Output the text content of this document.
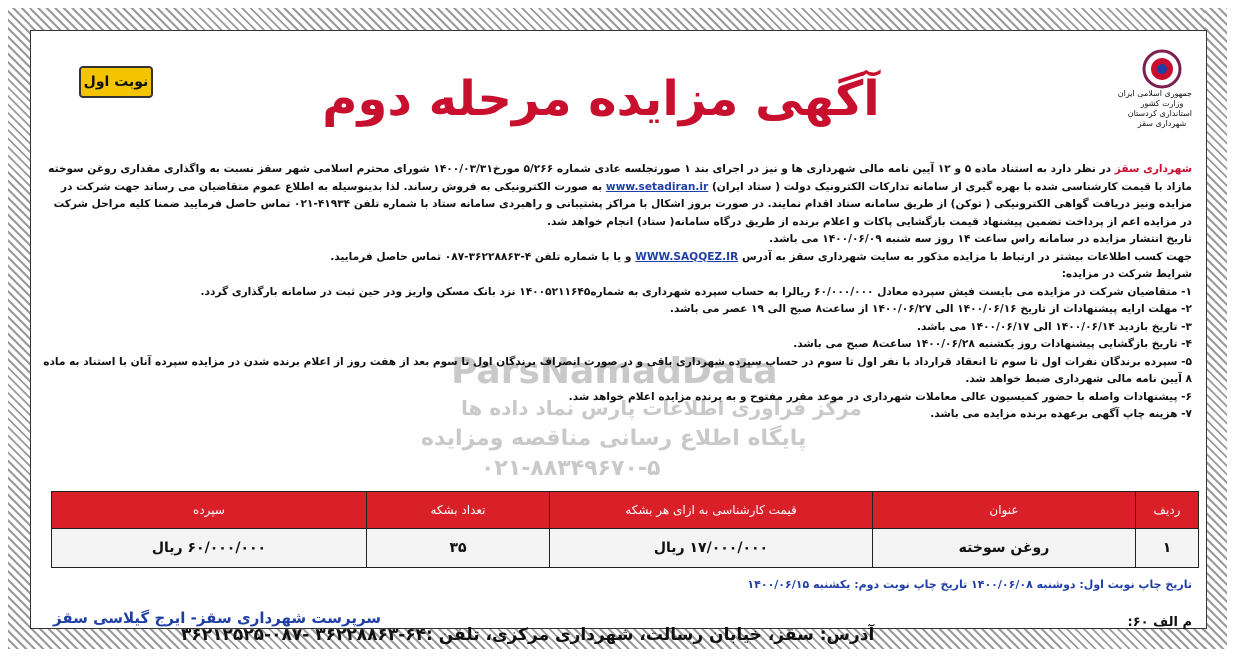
جمهوری اسلامی ایران
وزارت کشور
استانداری کردستان
شهرداری سقز
آگهی مزایده مرحله دوم
نوبت اول
ParsNamadData
مرکز فراوری اطلاعات پارس نماد داده ها
پایگاه اطلاع رسانی مناقصه ومزایده
۰۲۱-۸۸۳۴۹۶۷۰-۵

شهرداری سقز در نظر دارد به استناد ماده ۵ و ۱۲ آیین نامه مالی شهرداری ها و نیز در اجرای بند ۱ صورتجلسه عادی شماره ۵/۲۶۶ مورخ۱۴۰۰/۰۳/۳۱ شورای محترم اسلامی شهر سقز نسبت به واگذاری مقداری روغن سوخته مازاد با قیمت کارشناسی شده با بهره گیری از سامانه تدارکات الکترونیک دولت ( ستاد ایران) www.setadiran.ir به صورت الکترونیکی به فروش رساند. لذا بدینوسیله به اطلاع عموم متقاضیان می رساند جهت شرکت در مزایده ونیز دریافت گواهی الکترونیکی ( توکن) از طریق سامانه ستاد اقدام نمایند. در صورت بروز اشکال با مراکز پشتیبانی و راهبردی سامانه ستاد با شماره تلفن ۴۱۹۳۴-۰۲۱ تماس حاصل فرمایید ضمنا کلیه مراحل شرکت در مزایده اعم از پرداخت تضمین پیشنهاد قیمت بازگشایی پاکات و اعلام برنده از طریق درگاه سامانه( ستاد) انجام خواهد شد.

تاریخ انتشار مزایده در سامانه راس ساعت ۱۴ روز سه شنبه ۱۴۰۰/۰۶/۰۹ می باشد.

جهت کسب اطلاعات بیشتر در ارتباط با مزایده مذکور به سایت شهرداری سقز به آدرس WWW.SAQQEZ.IR و یا با شماره تلفن ۴-۳۶۲۲۸۸۶۳-۰۸۷ تماس حاصل فرمایید.

شرایط شرکت در مزایده:

۱- متقاضیان شرکت در مزایده می بایست فیش سپرده معادل ۶۰/۰۰۰/۰۰۰ ریالرا به حساب سپرده شهرداری به شماره۱۴۰۰۵۲۱۱۶۴۵ نزد بانک مسکن واریز ودر حین ثبت در سامانه بارگذاری گردد.

۲- مهلت ارایه پیشنهادات از تاریخ ۱۴۰۰/۰۶/۱۶ الی ۱۴۰۰/۰۶/۲۷ از ساعت۸ صبح الی ۱۹ عصر می باشد.

۳- تاریخ بازدید ۱۴۰۰/۰۶/۱۴ الی ۱۴۰۰/۰۶/۱۷ می باشد.

۴- تاریخ بازگشایی پیشنهادات روز یکشنبه ۱۴۰۰/۰۶/۲۸ ساعت۸ صبح می باشد.

۵- سپرده برندگان نفرات اول تا سوم تا انعقاد قرارداد با نفر اول تا سوم در حساب سپرده شهرداری باقی و در صورت انصراف برندگان اول تا سوم بعد از هفت روز از اعلام برنده شدن در مزایده سپرده آنان با استناد به ماده ۸ آیین نامه مالی شهرداری ضبط خواهد شد.

۶- پیشنهادات واصله با حضور کمیسیون عالی معاملات شهرداری در موعد مقرر مفتوح و به برنده مزایده اعلام خواهد شد.

۷- هزینه چاپ آگهی برعهده برنده مزایده می باشد.

ردیف	عنوان	قیمت کارشناسی به ازای هر بشکه	تعداد بشکه	سپرده
۱	روغن سوخته	۱۷/۰۰۰/۰۰۰ ریال	۳۵	۶۰/۰۰۰/۰۰۰ ریال
تاریخ چاپ نوبت اول: دوشنبه ۱۴۰۰/۰۶/۰۸ تاریخ چاپ نوبت دوم: یکشنبه ۱۴۰۰/۰۶/۱۵
سرپرست شهرداری سقز- ایرج گیلاسی سقز
آدرس: سقز، خیابان رسالت، شهرداری مرکزی، تلفن :۶۴-۳۶۲۲۸۸۶۳ -۰۸۷-۳۶۲۱۲۵۲۵
م الف ۶۰:
